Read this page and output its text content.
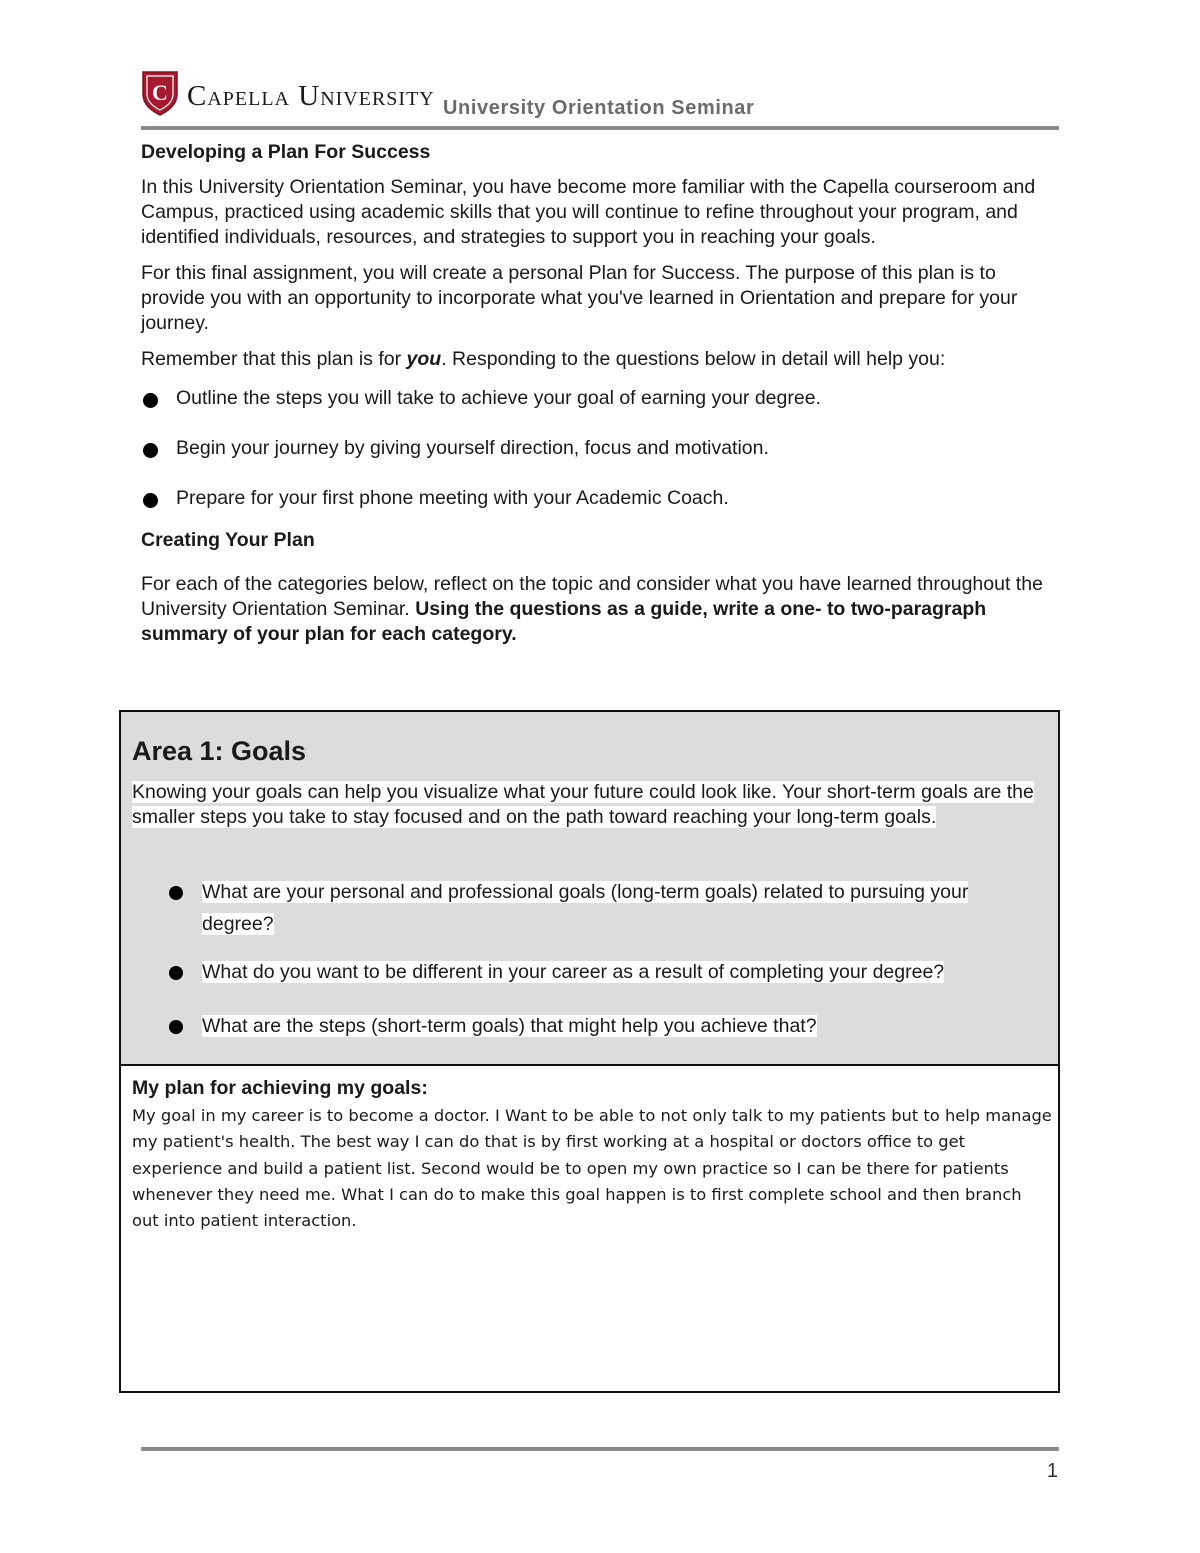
C Capella University University Orientation Seminar

Developing a Plan For Success

In this University Orientation Seminar, you have become more familiar with the Capella courseroom and Campus, practiced using academic skills that you will continue to refine throughout your program, and identified individuals, resources, and strategies to support you in reaching your goals.

For this final assignment, you will create a personal Plan for Success. The purpose of this plan is to provide you with an opportunity to incorporate what you've learned in Orientation and prepare for your journey.

Remember that this plan is for you. Responding to the questions below in detail will help you:

Outline the steps you will take to achieve your goal of earning your degree.
Begin your journey by giving yourself direction, focus and motivation.
Prepare for your first phone meeting with your Academic Coach.

Creating Your Plan

For each of the categories below, reflect on the topic and consider what you have learned throughout the University Orientation Seminar. Using the questions as a guide, write a one- to two-paragraph summary of your plan for each category.

Area 1: Goals
Knowing your goals can help you visualize what your future could look like. Your short-term goals are the smaller steps you take to stay focused and on the path toward reaching your long-term goals.
What are your personal and professional goals (long-term goals) related to pursuing your degree?
What do you want to be different in your career as a result of completing your degree?
What are the steps (short-term goals) that might help you achieve that?

My plan for achieving my goals:

My goal in my career is to become a doctor. I Want to be able to not only talk to my patients but to help manage my patient's health. The best way I can do that is by first working at a hospital or doctors office to get experience and build a patient list. Second would be to open my own practice so I can be there for patients whenever they need me. What I can do to make this goal happen is to first complete school and then branch out into patient interaction.

1
